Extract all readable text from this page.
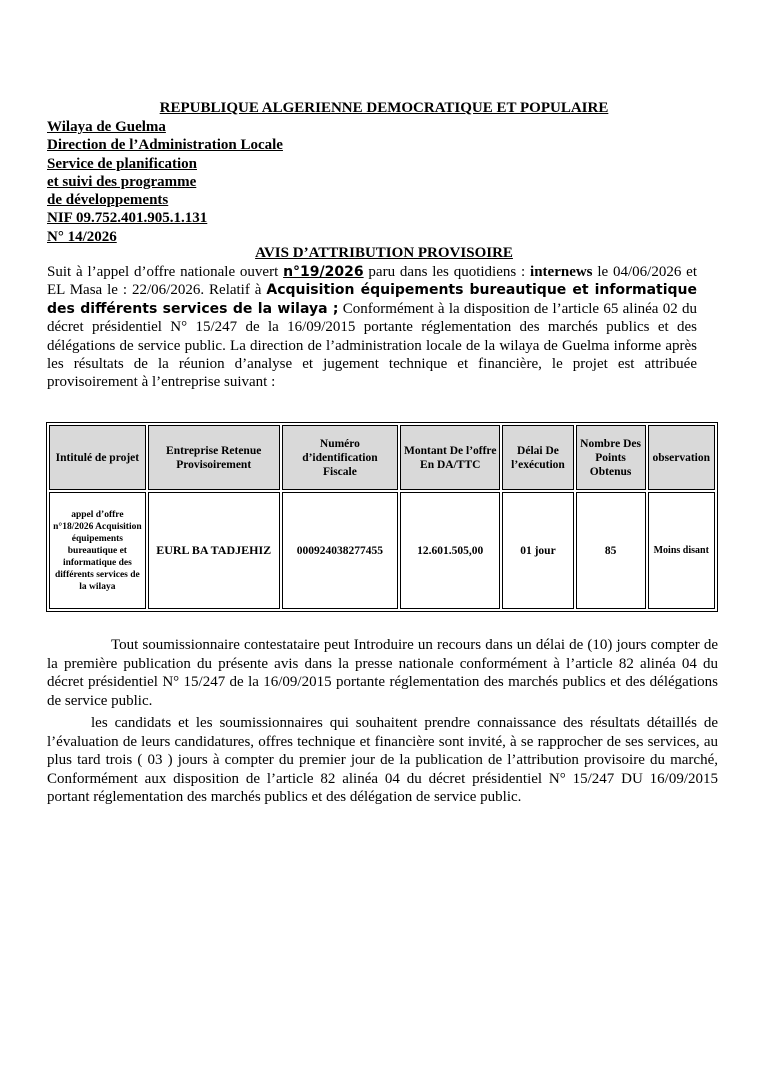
REPUBLIQUE ALGERIENNE DEMOCRATIQUE ET POPULAIRE
Wilaya de Guelma
Direction de l’Administration Locale
Service de planification
et suivi des programme
de développements
NIF 09.752.401.905.1.131
N° 14/2026
AVIS D’ATTRIBUTION PROVISOIRE
Suit à l’appel d’offre nationale ouvert n°19/2026 paru dans les quotidiens : internews le 04/06/2026 et EL Masa le : 22/06/2026. Relatif à Acquisition équipements bureautique et informatique des différents services de la wilaya ; Conformément à la disposition de l’article 65 alinéa 02 du décret présidentiel N° 15/247 de la 16/09/2015 portante réglementation des marchés publics et des délégations de service public. La direction de l’administration locale de la wilaya de Guelma informe après les résultats de la réunion d’analyse et jugement technique et financière, le projet est attribuée provisoirement à l’entreprise suivant :
Intitulé de projet	Entreprise Retenue Provisoirement	Numéro d’identification Fiscale	Montant De l’offre En DA/TTC	Délai De l’exécution	Nombre Des Points Obtenus	observation
appel d’offre n°18/2026 Acquisition équipements bureautique et informatique des différents services de la wilaya	EURL BA TADJEHIZ	000924038277455	12.601.505,00	01 jour	85	Moins disant
Tout soumissionnaire contestataire peut Introduire un recours dans un délai de (10) jours compter de la première publication du présente avis dans la presse nationale conformément à l’article 82 alinéa 04 du décret présidentiel N° 15/247 de la 16/09/2015 portante réglementation des marchés publics et des délégations de service public.
les candidats et les soumissionnaires qui souhaitent prendre connaissance des résultats détaillés de l’évaluation de leurs candidatures, offres technique et financière sont invité, à se rapprocher de ses services, au plus tard trois ( 03 ) jours à compter du premier jour de la publication de l’attribution provisoire du marché, Conformément aux disposition de l’article 82 alinéa 04 du décret présidentiel N° 15/247 DU 16/09/2015 portant réglementation des marchés publics et des délégation de service public.
